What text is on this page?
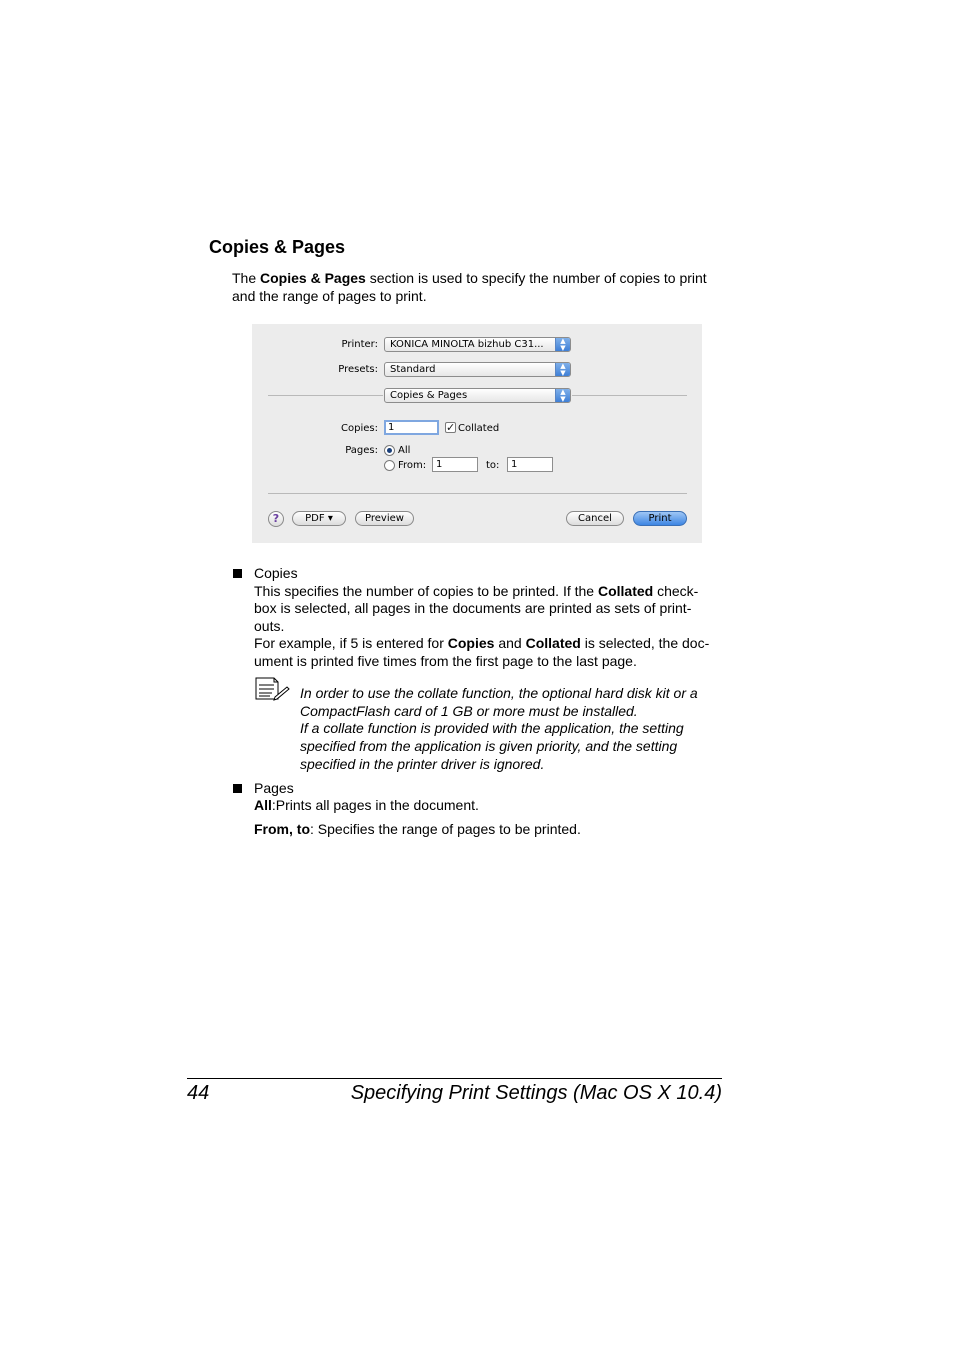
Copies & Pages
The Copies & Pages section is used to specify the number of copies to print
and the range of pages to print.
Printer:	KONICA MINOLTA bizhub C31...	▲
▼
Presets:	Standard	▲
▼
Copies & Pages	▲
▼
Copies:	1	✓ Collated
Pages: All
From: 1	to:	1
?	PDF ▾	Preview	Cancel	Print
Copies
This specifies the number of copies to be printed. If the Collated check-
box is selected, all pages in the documents are printed as sets of print-
outs.
For example, if 5 is entered for Copies and Collated is selected, the doc-
ument is printed five times from the first page to the last page.
In order to use the collate function, the optional hard disk kit or a
CompactFlash card of 1 GB or more must be installed.
If a collate function is provided with the application, the setting
specified from the application is given priority, and the setting
specified in the printer driver is ignored.
Pages
All:Prints all pages in the document.
From, to: Specifies the range of pages to be printed.
44	Specifying Print Settings (Mac OS X 10.4)
